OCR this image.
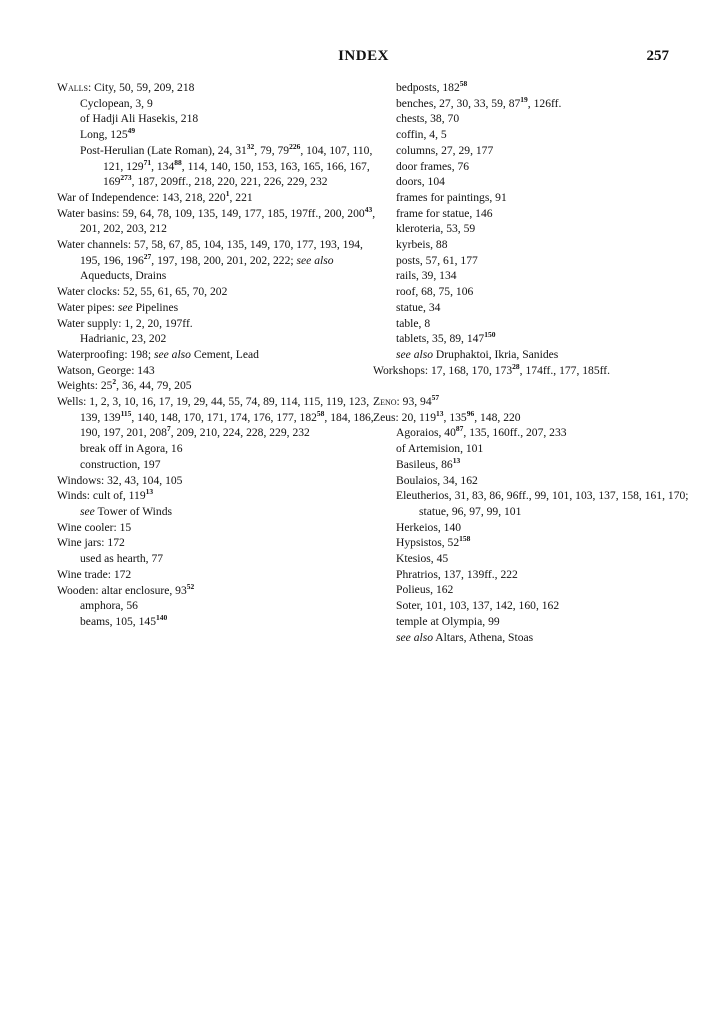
INDEX	257
Walls: City, 50, 59, 209, 218
Cyclopean, 3, 9
of Hadji Ali Hasekis, 218
Long, $125^{49}$
Post-Herulian (Late Roman), 24, $31^{32}$, 79, $79^{226}$, 104, 107, 110, 121, $129^{71}$, $134^{88}$, 114, 140, 150, 153, 163, 165, 166, 167, $169^{273}$, 187, 209ff., 218, 220, 221, 226, 229, 232
War of Independence: 143, 218, $220^1$, 221
Water basins: 59, 64, 78, 109, 135, 149, 177, 185, 197ff., 200, $200^{43}$, 201, 202, 203, 212
Water channels: 57, 58, 67, 85, 104, 135, 149, 170, 177, 193, 194, 195, 196, $196^{27}$, 197, 198, 200, 201, 202, 222; see also Aqueducts, Drains
Water clocks: 52, 55, 61, 65, 70, 202
Water pipes: see Pipelines
Water supply: 1, 2, 20, 197ff.
Hadrianic, 23, 202
Waterproofing: 198; see also Cement, Lead
Watson, George: 143
Weights: $25^2$, 36, 44, 79, 205
Wells: 1, 2, 3, 10, 16, 17, 19, 29, 44, 55, 74, 89, 114, 115, 119, 123, 139, $139^{115}$, 140, 148, 170, 171, 174, 176, 177, $182^{58}$, 184, 186, 190, 197, 201, $208^7$, 209, 210, 224, 228, 229, 232
break off in Agora, 16
construction, 197
Windows: 32, 43, 104, 105
Winds: cult of, $119^{13}$
see Tower of Winds
Wine cooler: 15
Wine jars: 172
used as hearth, 77
Wine trade: 172
Wooden: altar enclosure, $93^{52}$
amphora, 56
beams, 105, $145^{140}$
bedposts, $182^{58}$
benches, 27, 30, 33, 59, $87^{19}$, 126ff.
chests, 38, 70
coffin, 4, 5
columns, 27, 29, 177
door frames, 76
doors, 104
frames for paintings, 91
frame for statue, 146
kleroteria, 53, 59
kyrbeis, 88
posts, 57, 61, 177
rails, 39, 134
roof, 68, 75, 106
statue, 34
table, 8
tablets, 35, 89, $147^{150}$
see also Druphaktoi, Ikria, Sanides
Workshops: 17, 168, 170, $173^{28}$, 174ff., 177, 185ff.
Zeno: 93, $94^{57}$
Zeus: 20, $119^{13}$, $135^{96}$, 148, 220
Agoraios, $40^{87}$, 135, 160ff., 207, 233
of Artemision, 101
Basileus, $86^{13}$
Boulaios, 34, 162
Eleutherios, 31, 83, 86, 96ff., 99, 101, 103, 137, 158, 161, 170; statue, 96, 97, 99, 101
Herkeios, 140
Hypsistos, $52^{158}$
Ktesios, 45
Phratrios, 137, 139ff., 222
Polieus, 162
Soter, 101, 103, 137, 142, 160, 162
temple at Olympia, 99
see also Altars, Athena, Stoas
